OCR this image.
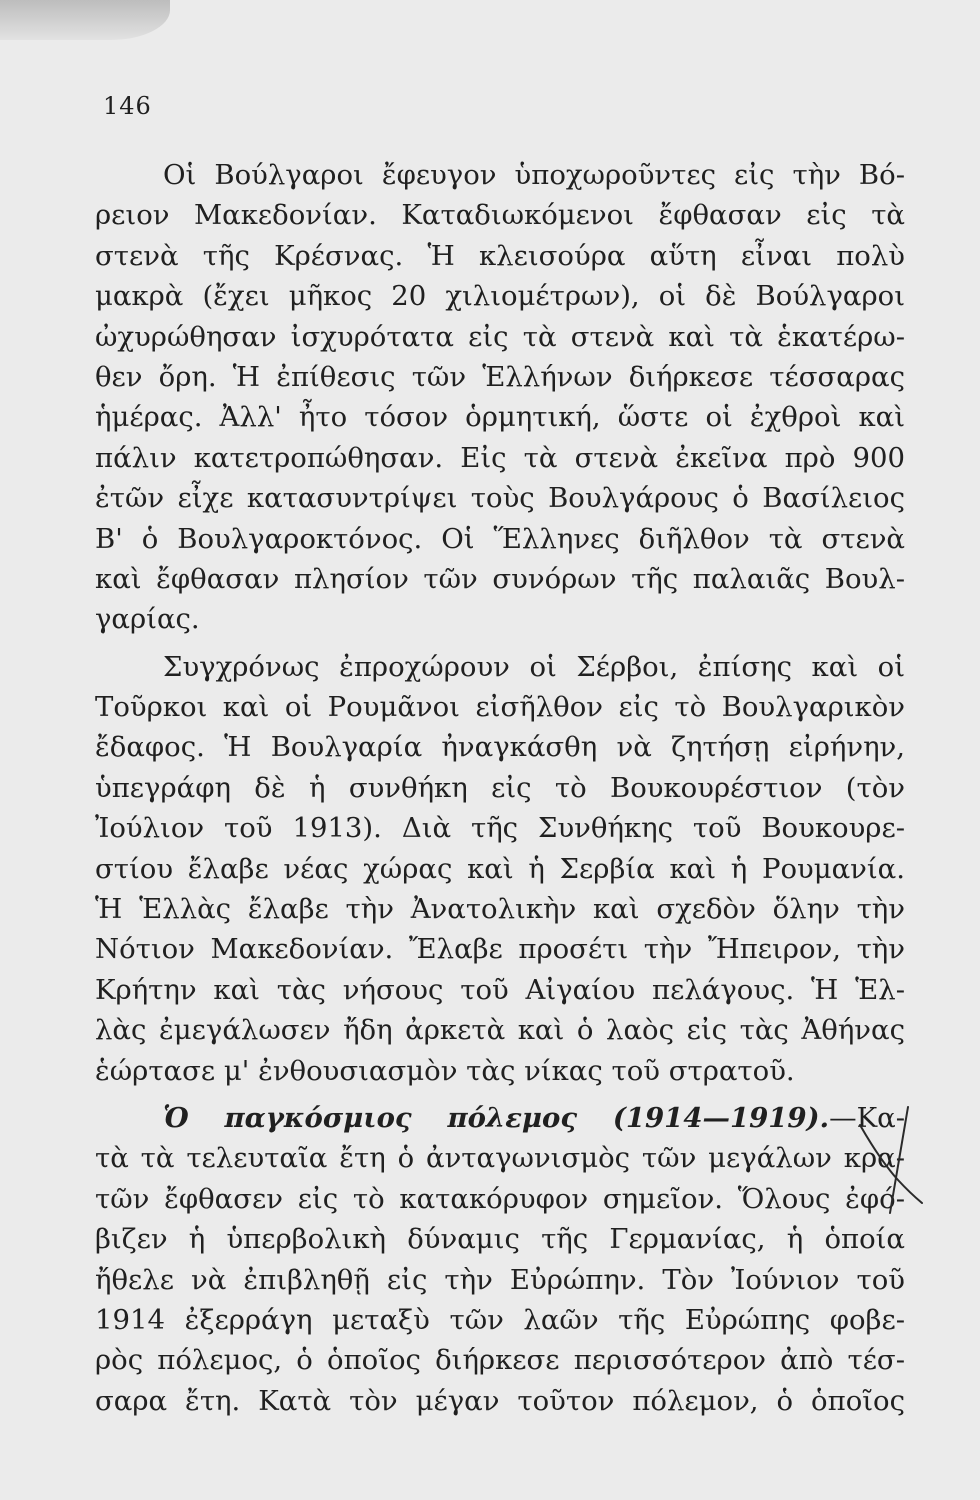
146
Οἱ Βούλγαροι ἔφευγον ὑποχωροῦντες εἰς τὴν Βό-
ρειον Μακεδονίαν. Καταδιωκόμενοι ἔφθασαν εἰς τὰ
στενὰ τῆς Κρέσνας. Ἡ κλεισούρα αὕτη εἶναι πολὺ
μακρὰ (ἔχει μῆκος 20 χιλιομέτρων), οἱ δὲ Βούλγαροι
ὠχυρώθησαν ἰσχυρότατα εἰς τὰ στενὰ καὶ τὰ ἑκατέρω-
θεν ὄρη. Ἡ ἐπίθεσις τῶν Ἑλλήνων διήρκεσε τέσσαρας
ἡμέρας. Ἀλλ' ἦτο τόσον ὁρμητική, ὥστε οἱ ἐχθροὶ καὶ
πάλιν κατετροπώθησαν. Εἰς τὰ στενὰ ἐκεῖνα πρὸ 900
ἐτῶν εἶχε κατασυντρίψει τοὺς Βουλγάρους ὁ Βασίλειος
Β' ὁ Βουλγαροκτόνος. Οἱ Ἕλληνες διῆλθον τὰ στενὰ
καὶ ἔφθασαν πλησίον τῶν συνόρων τῆς παλαιᾶς Βουλ-
γαρίας.
Συγχρόνως ἐπροχώρουν οἱ Σέρβοι, ἐπίσης καὶ οἱ
Τοῦρκοι καὶ οἱ Ρουμᾶνοι εἰσῆλθον εἰς τὸ Βουλγαρικὸν
ἔδαφος. Ἡ Βουλγαρία ἠναγκάσθη νὰ ζητήσῃ εἰρήνην,
ὑπεγράφη δὲ ἡ συνθήκη εἰς τὸ Βουκουρέστιον (τὸν
Ἰούλιον τοῦ 1913). Διὰ τῆς Συνθήκης τοῦ Βουκουρε-
στίου ἔλαβε νέας χώρας καὶ ἡ Σερβία καὶ ἡ Ρουμανία.
Ἡ Ἑλλὰς ἔλαβε τὴν Ἀνατολικὴν καὶ σχεδὸν ὅλην τὴν
Νότιον Μακεδονίαν. Ἔλαβε προσέτι τὴν Ἤπειρον, τὴν
Κρήτην καὶ τὰς νήσους τοῦ Αἰγαίου πελάγους. Ἡ Ἑλ-
λὰς ἐμεγάλωσεν ἤδη ἀρκετὰ καὶ ὁ λαὸς εἰς τὰς Ἀθήνας
ἑώρτασε μ' ἐνθουσιασμὸν τὰς νίκας τοῦ στρατοῦ.
Ὁ παγκόσμιος πόλεμος (1914—1919).—Κα-
τὰ τὰ τελευταῖα ἔτη ὁ ἀνταγωνισμὸς τῶν μεγάλων κρα-
τῶν ἔφθασεν εἰς τὸ κατακόρυφον σημεῖον. Ὅλους ἐφό-
βιζεν ἡ ὑπερβολικὴ δύναμις τῆς Γερμανίας, ἡ ὁποία
ἤθελε νὰ ἐπιβληθῇ εἰς τὴν Εὐρώπην. Τὸν Ἰούνιον τοῦ
1914 ἐξερράγη μεταξὺ τῶν λαῶν τῆς Εὐρώπης φοβε-
ρὸς πόλεμος, ὁ ὁποῖος διήρκεσε περισσότερον ἀπὸ τέσ-
σαρα ἔτη. Κατὰ τὸν μέγαν τοῦτον πόλεμον, ὁ ὁποῖος
